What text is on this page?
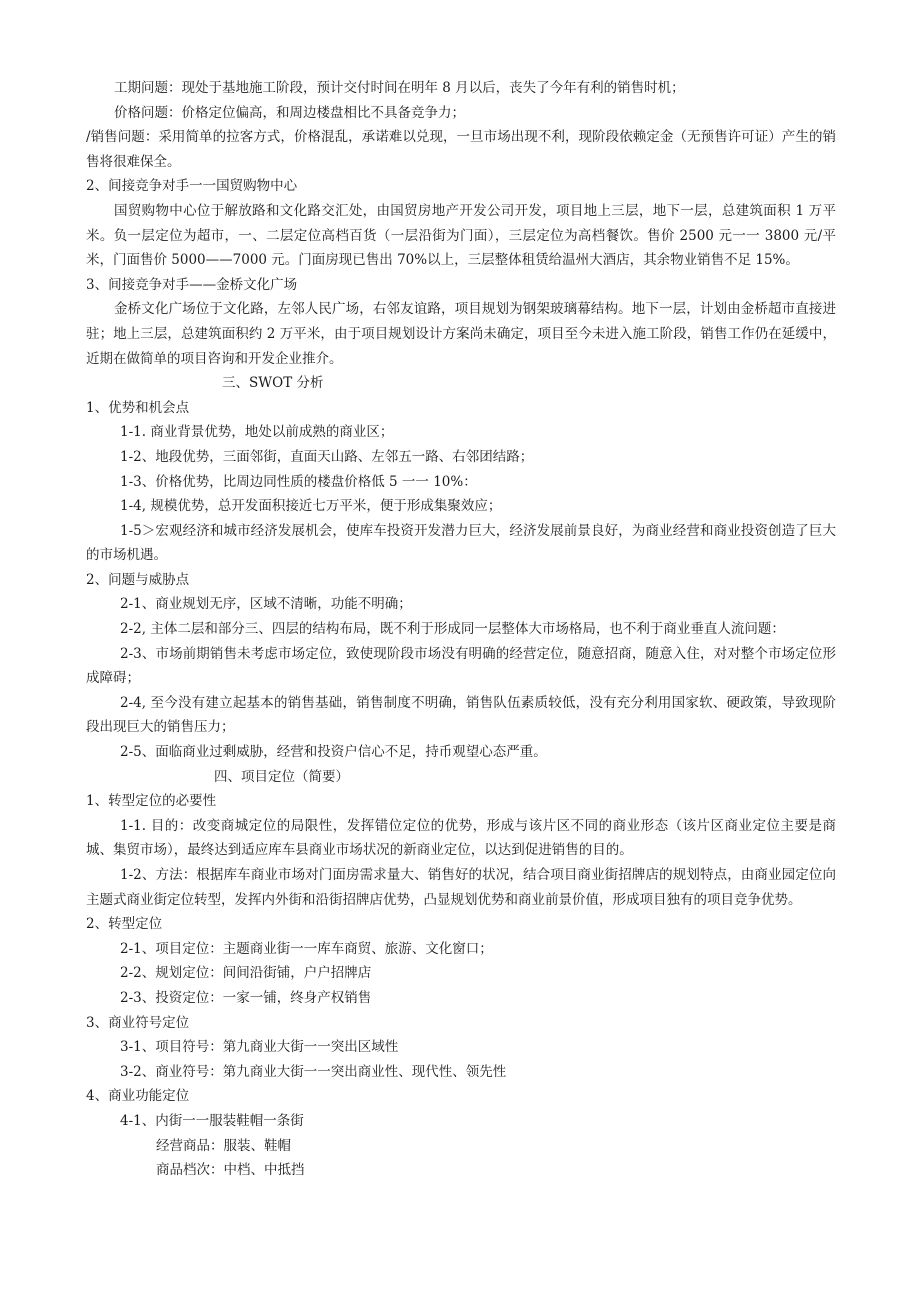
工期问题：现处于基地施工阶段，预计交付时间在明年 8 月以后，丧失了今年有利的销售时机；

价格问题：价格定位偏高，和周边楼盘相比不具备竞争力；

/销售问题：采用简单的拉客方式，价格混乱，承诺难以兑现，一旦市场出现不利，现阶段依赖定金（无预售许可证）产生的销售将很难保全。

2、间接竞争对手一一国贸购物中心

国贸购物中心位于解放路和文化路交汇处，由国贸房地产开发公司开发，项目地上三层，地下一层，总建筑面积 1 万平米。负一层定位为超市，一、二层定位高档百货（一层沿街为门面），三层定位为高档餐饮。售价 2500 元一一 3800 元/平米，门面售价 5000——7000 元。门面房现已售出 70%以上，三层整体租赁给温州大酒店，其余物业销售不足 15%。

3、间接竞争对手——金桥文化广场

金桥文化广场位于文化路，左邻人民广场，右邻友谊路，项目规划为钢架玻璃幕结构。地下一层，计划由金桥超市直接进驻；地上三层，总建筑面积约 2 万平米，由于项目规划设计方案尚未确定，项目至今未进入施工阶段，销售工作仍在延缓中，近期在做简单的项目咨询和开发企业推介。

三、SWOT 分析

1、优势和机会点

1-1. 商业背景优势，地处以前成熟的商业区；

1-2、地段优势，三面邻街，直面天山路、左邻五一路、右邻团结路；

1-3、价格优势，比周边同性质的楼盘价格低 5 一一 10%：

1-4, 规模优势，总开发面积接近七万平米，便于形成集聚效应；

1-5＞宏观经济和城市经济发展机会，使库车投资开发潜力巨大，经济发展前景良好，为商业经营和商业投资创造了巨大的市场机遇。

2、问题与威胁点

2-1、商业规划无序，区域不清晰，功能不明确；

2-2, 主体二层和部分三、四层的结构布局，既不利于形成同一层整体大市场格局，也不利于商业垂直人流问题：

2-3、市场前期销售未考虑市场定位，致使现阶段市场没有明确的经营定位，随意招商，随意入住，对对整个市场定位形成障碍；

2-4, 至今没有建立起基本的销售基础，销售制度不明确，销售队伍素质较低，没有充分利用国家软、硬政策，导致现阶段出现巨大的销售压力；

2-5、面临商业过剩威胁，经营和投资户信心不足，持币观望心态严重。

四、项目定位（简要）

1、转型定位的必要性

1-1. 目的：改变商城定位的局限性，发挥错位定位的优势，形成与该片区不同的商业形态（该片区商业定位主要是商城、集贸市场），最终达到适应库车县商业市场状况的新商业定位，以达到促进销售的目的。

1-2、方法：根据库车商业市场对门面房需求量大、销售好的状况，结合项目商业街招牌店的规划特点，由商业园定位向主题式商业街定位转型，发挥内外街和沿街招牌店优势，凸显规划优势和商业前景价值，形成项目独有的项目竞争优势。

2、转型定位

2-1、项目定位：主题商业街一一库车商贸、旅游、文化窗口；

2-2、规划定位：间间沿街铺，户户招牌店

2-3、投资定位：一家一铺，终身产权销售

3、商业符号定位

3-1、项目符号：第九商业大街一一突出区域性

3-2、商业符号：第九商业大街一一突出商业性、现代性、领先性

4、商业功能定位

4-1、内街一一服装鞋帽一条街

经营商品：服装、鞋帽

商品档次：中档、中抵挡
